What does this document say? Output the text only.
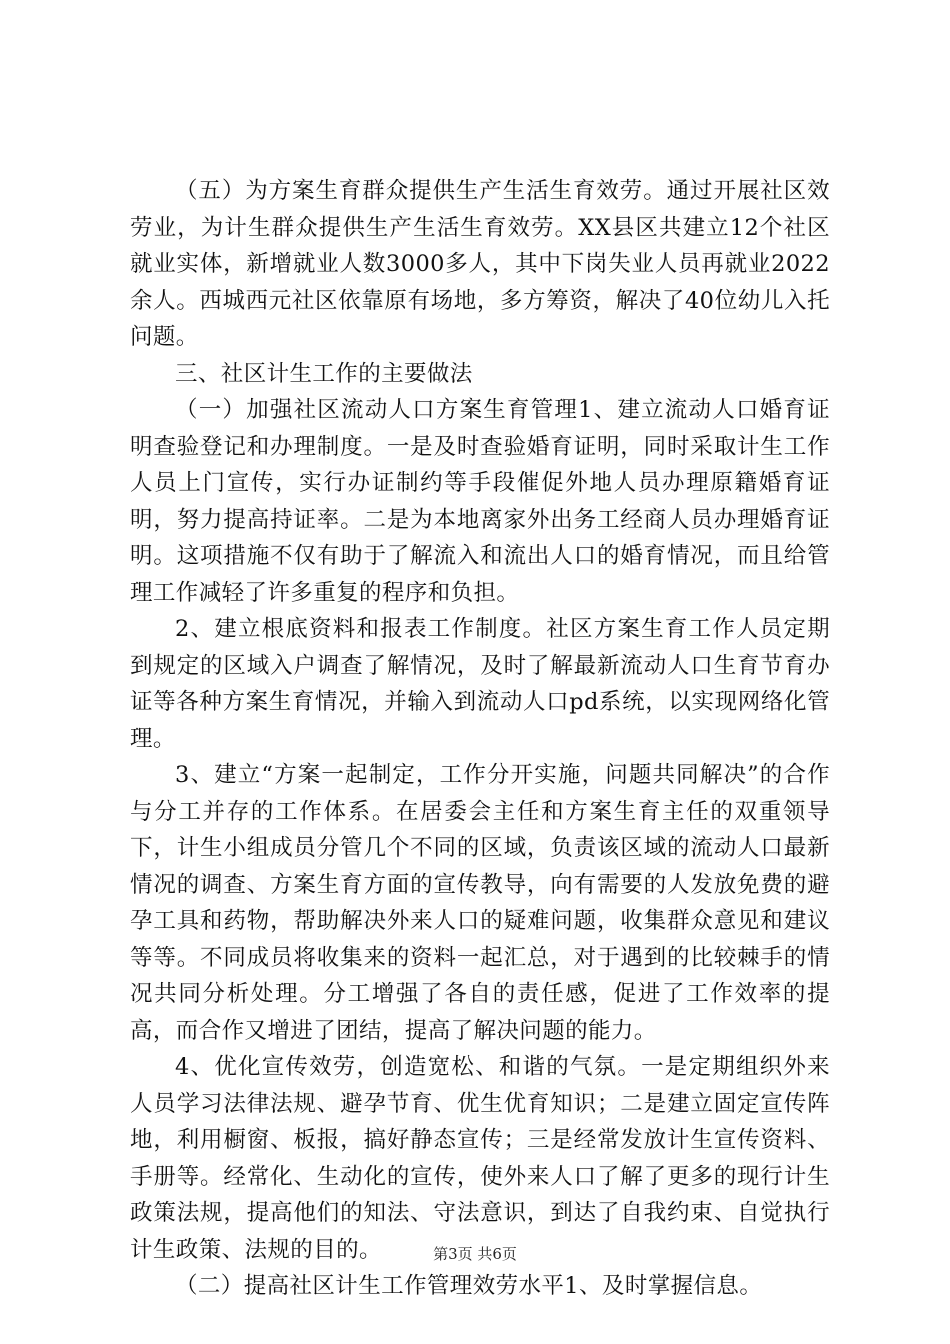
（五）为方案生育群众提供生产生活生育效劳。通过开展社区效劳业，为计生群众提供生产生活生育效劳。XX县区共建立12个社区就业实体，新增就业人数3000多人，其中下岗失业人员再就业2022余人。西城西元社区依靠原有场地，多方筹资，解决了40位幼儿入托问题。

三、社区计生工作的主要做法

（一）加强社区流动人口方案生育管理1、建立流动人口婚育证明查验登记和办理制度。一是及时查验婚育证明，同时采取计生工作人员上门宣传，实行办证制约等手段催促外地人员办理原籍婚育证明，努力提高持证率。二是为本地离家外出务工经商人员办理婚育证明。这项措施不仅有助于了解流入和流出人口的婚育情况，而且给管理工作减轻了许多重复的程序和负担。

2、建立根底资料和报表工作制度。社区方案生育工作人员定期到规定的区域入户调查了解情况，及时了解最新流动人口生育节育办证等各种方案生育情况，并输入到流动人口pd系统，以实现网络化管理。

3、建立“方案一起制定，工作分开实施，问题共同解决”的合作与分工并存的工作体系。在居委会主任和方案生育主任的双重领导下，计生小组成员分管几个不同的区域，负责该区域的流动人口最新情况的调查、方案生育方面的宣传教导，向有需要的人发放免费的避孕工具和药物，帮助解决外来人口的疑难问题，收集群众意见和建议等等。不同成员将收集来的资料一起汇总，对于遇到的比较棘手的情况共同分析处理。分工增强了各自的责任感，促进了工作效率的提高，而合作又增进了团结，提高了解决问题的能力。

4、优化宣传效劳，创造宽松、和谐的气氛。一是定期组织外来人员学习法律法规、避孕节育、优生优育知识；二是建立固定宣传阵地，利用橱窗、板报，搞好静态宣传；三是经常发放计生宣传资料、手册等。经常化、生动化的宣传，使外来人口了解了更多的现行计生政策法规，提高他们的知法、守法意识，到达了自我约束、自觉执行计生政策、法规的目的。

（二）提高社区计生工作管理效劳水平1、及时掌握信息。

第3页 共6页
